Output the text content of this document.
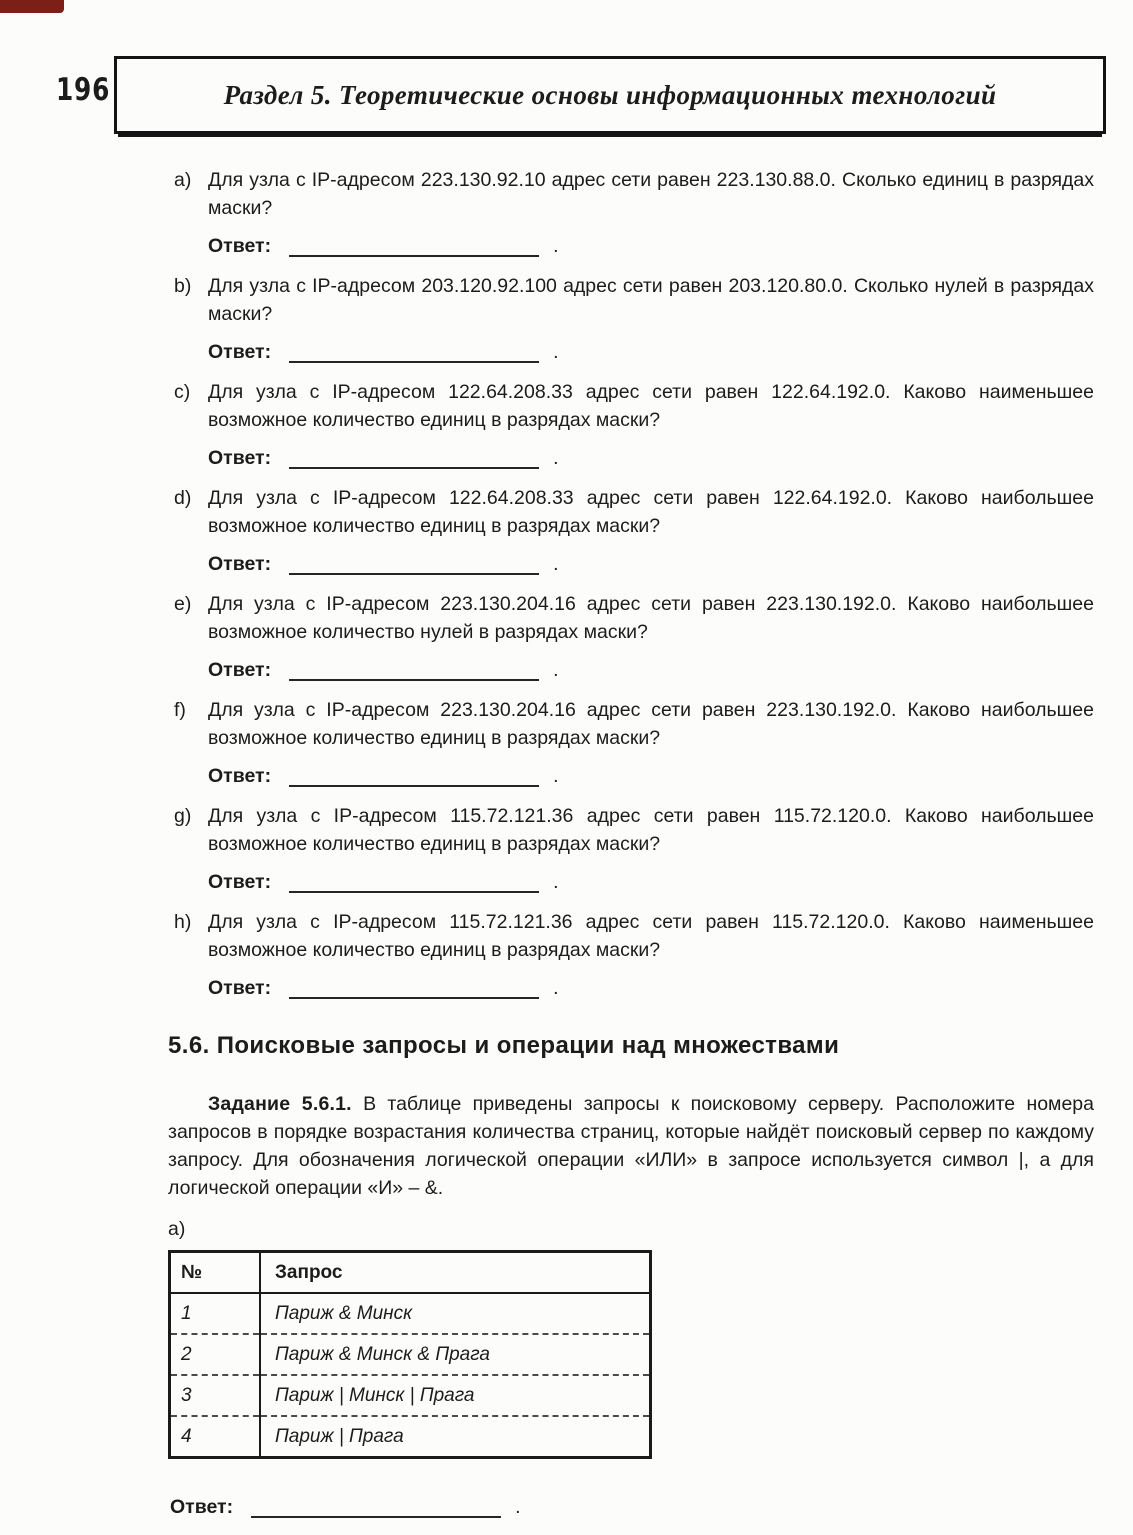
196	Раздел 5. Теоретические основы информационных технологий
a) Для узла с IP-адресом 223.130.92.10 адрес сети равен 223.130.88.0. Сколько единиц в разрядах маски?
Ответ:	.
b) Для узла с IP-адресом 203.120.92.100 адрес сети равен 203.120.80.0. Сколько нулей в разрядах маски?
Ответ:	.
c) Для узла с IP-адресом 122.64.208.33 адрес сети равен 122.64.192.0. Каково наименьшее возможное количество единиц в разрядах маски?
Ответ:	.
d) Для узла с IP-адресом 122.64.208.33 адрес сети равен 122.64.192.0. Каково наибольшее возможное количество единиц в разрядах маски?
Ответ:	.
e) Для узла с IP-адресом 223.130.204.16 адрес сети равен 223.130.192.0. Каково наибольшее возможное количество нулей в разрядах маски?
Ответ:	.
f) Для узла с IP-адресом 223.130.204.16 адрес сети равен 223.130.192.0. Каково наибольшее возможное количество единиц в разрядах маски?
Ответ:	.
g) Для узла с IP-адресом 115.72.121.36 адрес сети равен 115.72.120.0. Каково наибольшее возможное количество единиц в разрядах маски?
Ответ:	.
h) Для узла с IP-адресом 115.72.121.36 адрес сети равен 115.72.120.0. Каково наименьшее возможное количество единиц в разрядах маски?
Ответ:	.
5.6. Поисковые запросы и операции над множествами

Задание 5.6.1. В таблице приведены запросы к поисковому серверу. Расположите номера запросов в порядке возрастания количества страниц, которые найдёт поисковый сервер по каждому запросу. Для обозначения логической операции «ИЛИ» в запросе используется символ |, а для логической операции «И» – &.

a)
№	Запрос
1	Париж & Минск
2	Париж & Минск & Прага
3	Париж | Минск | Прага
4	Париж | Прага
Ответ:	.
